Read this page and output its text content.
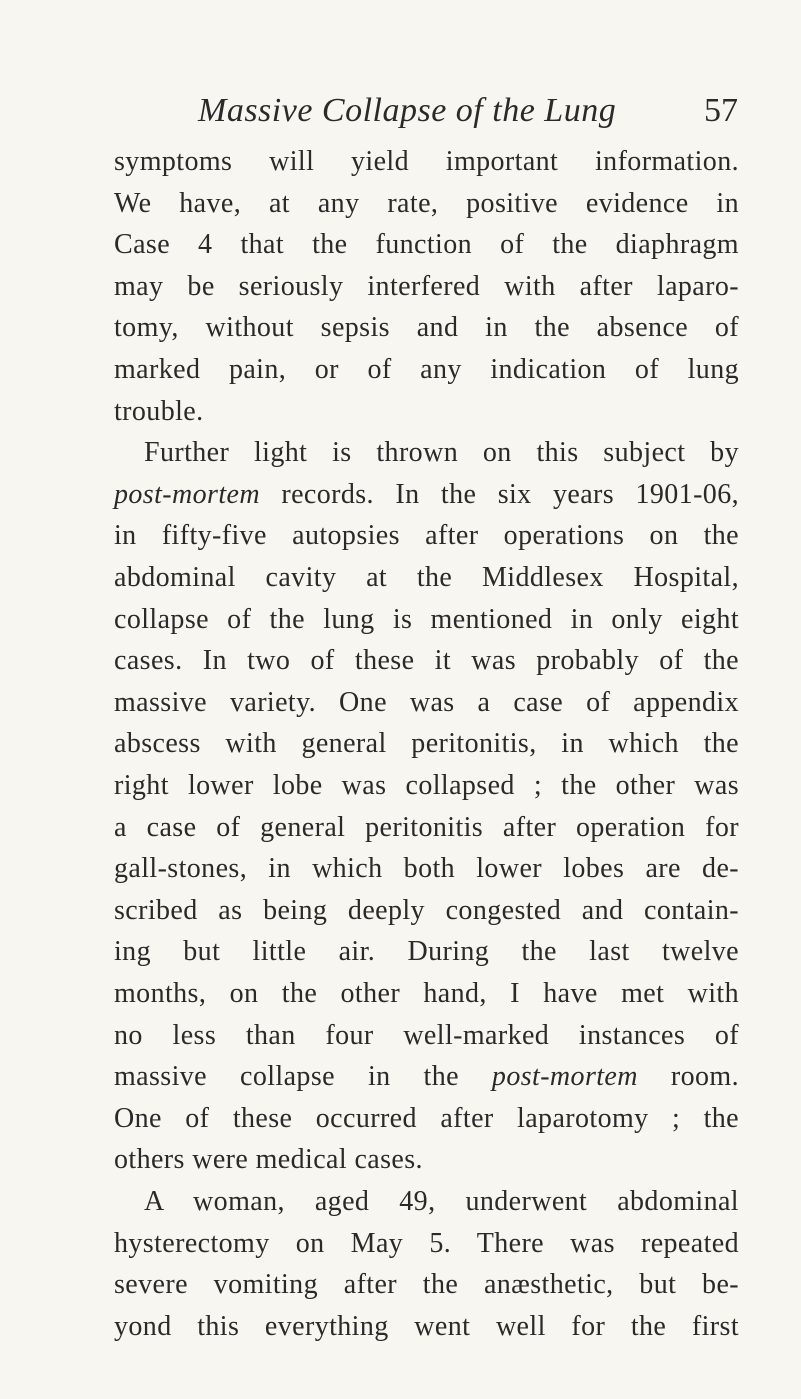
Massive Collapse of the Lung	57
symptoms will yield important information.
We have, at any rate, positive evidence in
Case 4 that the function of the diaphragm
may be seriously interfered with after laparo-
tomy, without sepsis and in the absence of
marked pain, or of any indication of lung
trouble.
Further light is thrown on this subject by
post-mortem records. In the six years 1901-06,
in fifty-five autopsies after operations on the
abdominal cavity at the Middlesex Hospital,
collapse of the lung is mentioned in only eight
cases. In two of these it was probably of the
massive variety. One was a case of appendix
abscess with general peritonitis, in which the
right lower lobe was collapsed ; the other was
a case of general peritonitis after operation for
gall-stones, in which both lower lobes are de-
scribed as being deeply congested and contain-
ing but little air. During the last twelve
months, on the other hand, I have met with
no less than four well-marked instances of
massive collapse in the post-mortem room.
One of these occurred after laparotomy ; the
others were medical cases.
A woman, aged 49, underwent abdominal
hysterectomy on May 5. There was repeated
severe vomiting after the anæsthetic, but be-
yond this everything went well for the first
